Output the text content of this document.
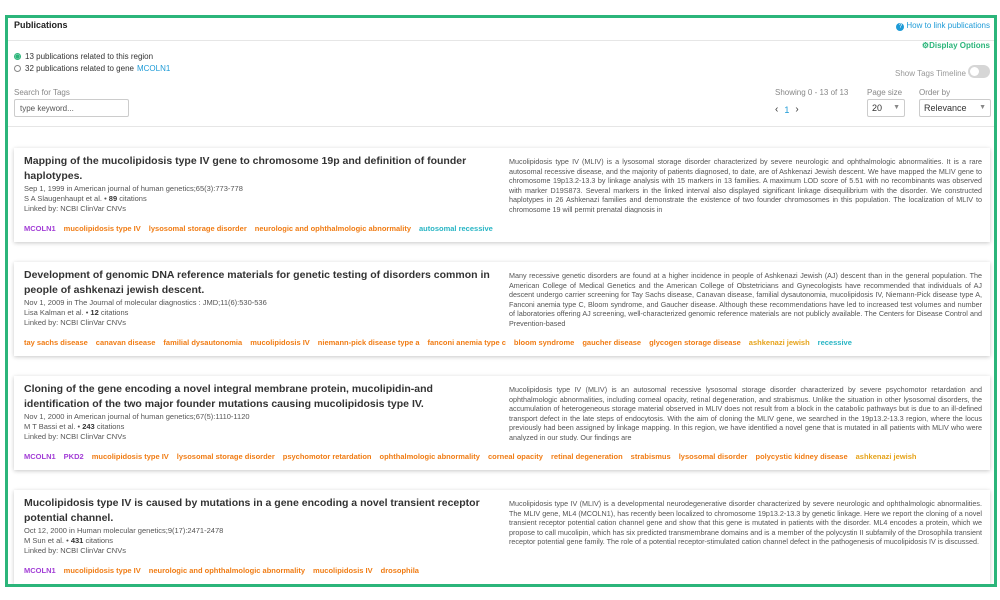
Publications	? How to link publications
⚙Display Options
13 publications related to this region
32 publications related to gene MCOLN1
Show Tags Timeline
Search for Tags
type keyword...	Showing 0 - 13 of 13
‹ 1 ›
Page size
20 ▼
Order by
Relevance ▼
Mapping of the mucolipidosis type IV gene to chromosome 19p and definition of founder haplotypes.
Sep 1, 1999 in American journal of human genetics;65(3):773-778
S A Slaugenhaupt et al. • 89 citations
Linked by: NCBI ClinVar CNVs
Mucolipidosis type IV (MLIV) is a lysosomal storage disorder characterized by severe neurologic and ophthalmologic abnormalities. It is a rare autosomal recessive disease, and the majority of patients diagnosed, to date, are of Ashkenazi Jewish descent. We have mapped the MLIV gene to chromosome 19p13.2-13.3 by linkage analysis with 15 markers in 13 families. A maximum LOD score of 5.51 with no recombinants was observed with marker D19S873. Several markers in the linked interval also displayed significant linkage disequilibrium with the disorder. We constructed haplotypes in 26 Ashkenazi families and demonstrate the existence of two founder chromosomes in this population. The localization of MLIV to chromosome 19 will permit prenatal diagnosis in
MCOLN1 mucolipidosis type IV lysosomal storage disorder neurologic and ophthalmologic abnormality autosomal recessive
Development of genomic DNA reference materials for genetic testing of disorders common in people of ashkenazi jewish descent.
Nov 1, 2009 in The Journal of molecular diagnostics : JMD;11(6):530-536
Lisa Kalman et al. • 12 citations
Linked by: NCBI ClinVar CNVs
Many recessive genetic disorders are found at a higher incidence in people of Ashkenazi Jewish (AJ) descent than in the general population. The American College of Medical Genetics and the American College of Obstetricians and Gynecologists have recommended that individuals of AJ descent undergo carrier screening for Tay Sachs disease, Canavan disease, familial dysautonomia, mucolipidosis IV, Niemann-Pick disease type A, Fanconi anemia type C, Bloom syndrome, and Gaucher disease. Although these recommendations have led to increased test volumes and number of laboratories offering AJ screening, well-characterized genomic reference materials are not publicly available. The Centers for Disease Control and Prevention-based
tay sachs disease canavan disease familial dysautonomia mucolipidosis IV niemann-pick disease type a fanconi anemia type c bloom syndrome gaucher disease glycogen storage disease ashkenazi jewish recessive
Cloning of the gene encoding a novel integral membrane protein, mucolipidin-and identification of the two major founder mutations causing mucolipidosis type IV.
Nov 1, 2000 in American journal of human genetics;67(5):1110-1120
M T Bassi et al. • 243 citations
Linked by: NCBI ClinVar CNVs
Mucolipidosis type IV (MLIV) is an autosomal recessive lysosomal storage disorder characterized by severe psychomotor retardation and ophthalmologic abnormalities, including corneal opacity, retinal degeneration, and strabismus. Unlike the situation in other lysosomal disorders, the accumulation of heterogeneous storage material observed in MLIV does not result from a block in the catabolic pathways but is due to an ill-defined transport defect in the late steps of endocytosis. With the aim of cloning the MLIV gene, we searched in the 19p13.2-13.3 region, where the locus previously had been assigned by linkage mapping. In this region, we have identified a novel gene that is mutated in all patients with MLIV who were analyzed in our study. Our findings are
MCOLN1 PKD2 mucolipidosis type IV lysosomal storage disorder psychomotor retardation ophthalmologic abnormality corneal opacity retinal degeneration strabismus lysosomal disorder polycystic kidney disease ashkenazi jewish
Mucolipidosis type IV is caused by mutations in a gene encoding a novel transient receptor potential channel.
Oct 12, 2000 in Human molecular genetics;9(17):2471-2478
M Sun et al. • 431 citations
Linked by: NCBI ClinVar CNVs
Mucolipidosis type IV (MLIV) is a developmental neurodegenerative disorder characterized by severe neurologic and ophthalmologic abnormalities. The MLIV gene, ML4 (MCOLN1), has recently been localized to chromosome 19p13.2-13.3 by genetic linkage. Here we report the cloning of a novel transient receptor potential cation channel gene and show that this gene is mutated in patients with the disorder. ML4 encodes a protein, which we propose to call mucolipin, which has six predicted transmembrane domains and is a member of the polycystin II subfamily of the Drosophila transient receptor potential gene family. The role of a potential receptor-stimulated cation channel defect in the pathogenesis of mucolipidosis IV is discussed.
MCOLN1 mucolipidosis type IV neurologic and ophthalmologic abnormality mucolipidosis IV drosophila
